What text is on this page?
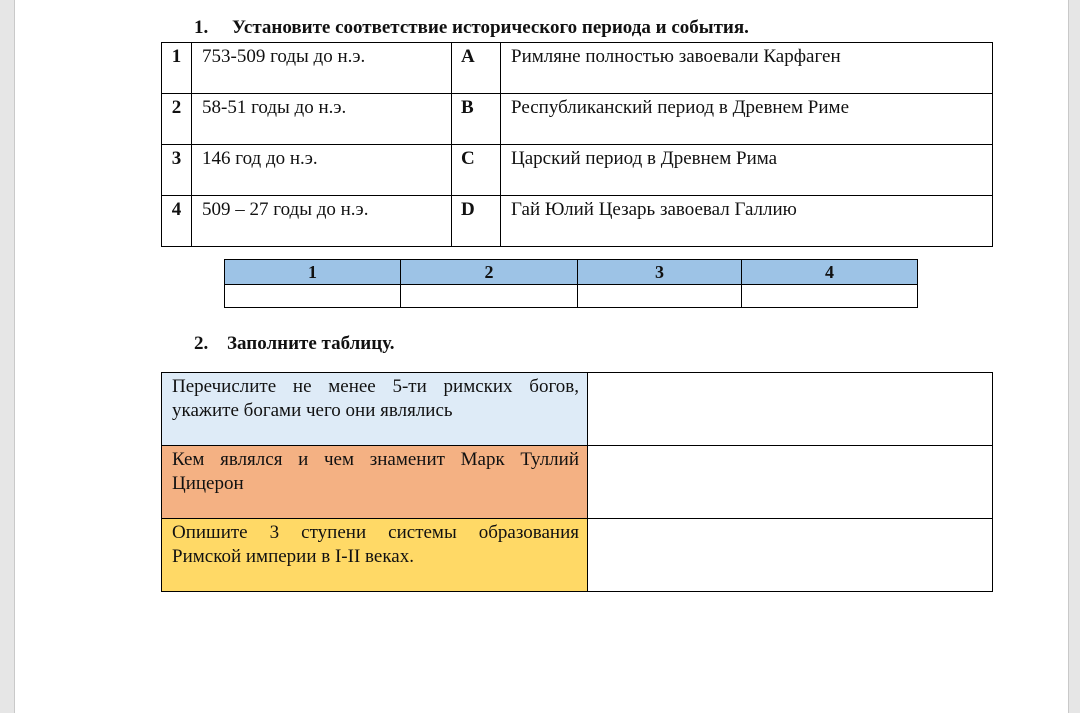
1. Установите соответствие исторического периода и события.
1	753-509 годы до н.э.	A	Римляне полностью завоевали Карфаген
2	58-51 годы до н.э.	B	Республиканский период в Древнем Риме
3	146 год до н.э.	C	Царский период в Древнем Рима
4	509 – 27 годы до н.э.	D	Гай Юлий Цезарь завоевал Галлию
1	2	3	4

2. Заполните таблицу.
Перечислите не менее 5-ти римских богов, укажите богами чего они являлись	
Кем являлся и чем знаменит Марк Туллий Цицерон	
Опишите 3 ступени системы образования Римской империи в I-II веках.	
